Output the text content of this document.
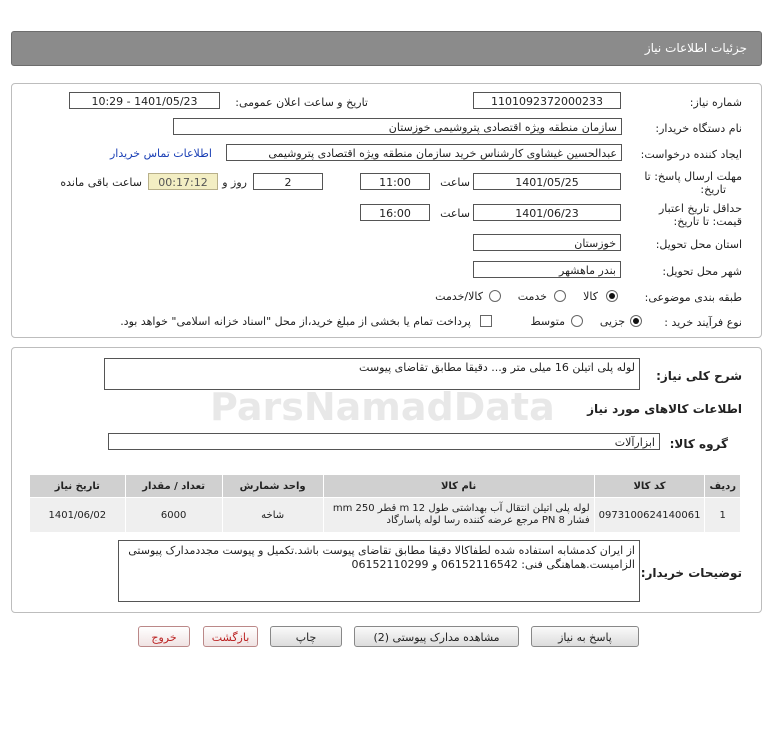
جزئیات اطلاعات نیاز
شماره نیاز:
1101092372000233
تاریخ و ساعت اعلان عمومی:
1401/05/23 - 10:29
نام دستگاه خریدار:
سازمان منطقه ويژه اقتصادی پتروشيمی خوزستان
ایجاد کننده درخواست:
عبدالحسين غيشاوی کارشناس خريد سازمان منطقه ويژه اقتصادی پتروشيمی
اطلاعات تماس خریدار
مهلت ارسال پاسخ: تا
تاریخ:
1401/05/25
ساعت
11:00
2
روز و
00:17:12
ساعت باقی مانده
حداقل تاریخ اعتبار
قیمت: تا تاریخ:
1401/06/23
ساعت
16:00
استان محل تحویل:
خوزستان
شهر محل تحویل:
بندر ماهشهر
طبقه بندی موضوعی:
کالا
خدمت
کالا/خدمت
نوع فرآیند خرید :
جزیی
متوسط
پرداخت تمام یا بخشی از مبلغ خرید،از محل "اسناد خزانه اسلامی" خواهد بود.
شرح کلی نیاز:
لوله پلی اتيلن 16 ميلی متر و... دقيقا مطابق تقاضای پيوست
اطلاعات کالاهای مورد نیاز
گروه کالا:
ابزارآلات
ردیف	کد کالا	نام کالا	واحد شمارش	تعداد / مقدار	تاریخ نیاز
1	0973100624140061	لوله پلی اتيلن انتقال آب بهداشتی طول m 12 قطر mm 250 فشار PN 8 مرجع عرضه کننده رسا لوله پاسارگاد	شاخه	6000	1401/06/02
توضیحات خریدار:
از ايران کدمشابه استفاده شده لطفاکالا دقيقا مطابق تقاضای پيوست باشد.تکميل و پيوست مجددمدارک پيوستی الزاميست.هماهنگی فنی: 06152116542 و 06152110299
پاسخ به نیاز
مشاهده مدارک پیوستی (2)
چاپ
بازگشت
خروج
ParsNamadData
